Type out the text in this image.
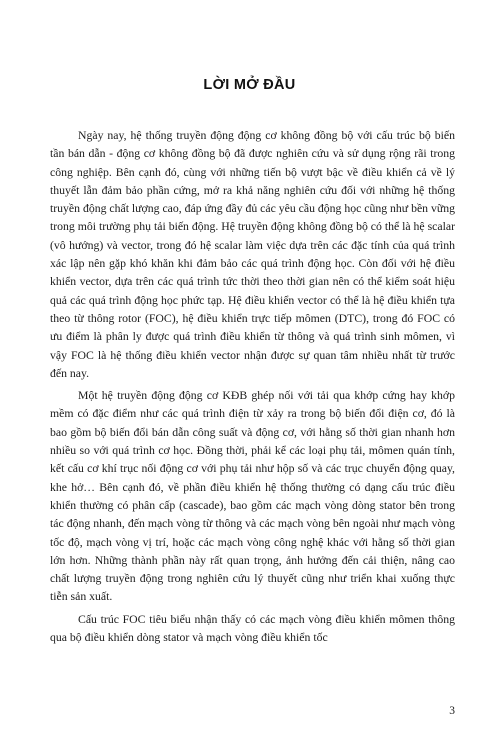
LỜI MỞ ĐẦU

Ngày nay, hệ thống truyền động động cơ không đồng bộ với cấu trúc bộ biến tần bán dẫn - động cơ không đồng bộ đã được nghiên cứu và sử dụng rộng rãi trong công nghiệp. Bên cạnh đó, cùng với những tiến bộ vượt bậc về điều khiển cả về lý thuyết lẫn đảm bảo phần cứng, mở ra khả năng nghiên cứu đối với những hệ thống truyền động chất lượng cao, đáp ứng đầy đủ các yêu cầu động học cũng như bền vững trong môi trường phụ tải biến động. Hệ truyền động không đồng bộ có thể là hệ scalar (vô hướng) và vector, trong đó hệ scalar làm việc dựa trên các đặc tính của quá trình xác lập nên gặp khó khăn khi đảm bảo các quá trình động học. Còn đối với hệ điều khiển vector, dựa trên các quá trình tức thời theo thời gian nên có thể kiểm soát hiệu quả các quá trình động học phức tạp. Hệ điều khiển vector có thể là hệ điều khiển tựa theo từ thông rotor (FOC), hệ điều khiển trực tiếp mômen (DTC), trong đó FOC có ưu điểm là phân ly được quá trình điều khiển từ thông và quá trình sinh mômen, vì vậy FOC là hệ thống điều khiển vector nhận được sự quan tâm nhiều nhất từ trước đến nay.

Một hệ truyền động động cơ KĐB ghép nối với tải qua khớp cứng hay khớp mềm có đặc điểm như các quá trình điện từ xảy ra trong bộ biến đổi điện cơ, đó là bao gồm bộ biến đổi bán dẫn công suất và động cơ, với hằng số thời gian nhanh hơn nhiều so với quá trình cơ học. Đồng thời, phải kể các loại phụ tải, mômen quán tính, kết cấu cơ khí trục nối động cơ với phụ tải như hộp số và các trục chuyển động quay, khe hở… Bên cạnh đó, về phần điều khiển hệ thống thường có dạng cấu trúc điều khiển thường có phân cấp (cascade), bao gồm các mạch vòng dòng stator bên trong tác động nhanh, đến mạch vòng từ thông và các mạch vòng bên ngoài như mạch vòng tốc độ, mạch vòng vị trí, hoặc các mạch vòng công nghệ khác với hằng số thời gian lớn hơn. Những thành phần này rất quan trọng, ảnh hưởng đến cải thiện, nâng cao chất lượng truyền động trong nghiên cứu lý thuyết cũng như triển khai xuống thực tiễn sản xuất.

Cấu trúc FOC tiêu biểu nhận thấy có các mạch vòng điều khiển mômen thông qua bộ điều khiển dòng stator và mạch vòng điều khiển tốc

3
